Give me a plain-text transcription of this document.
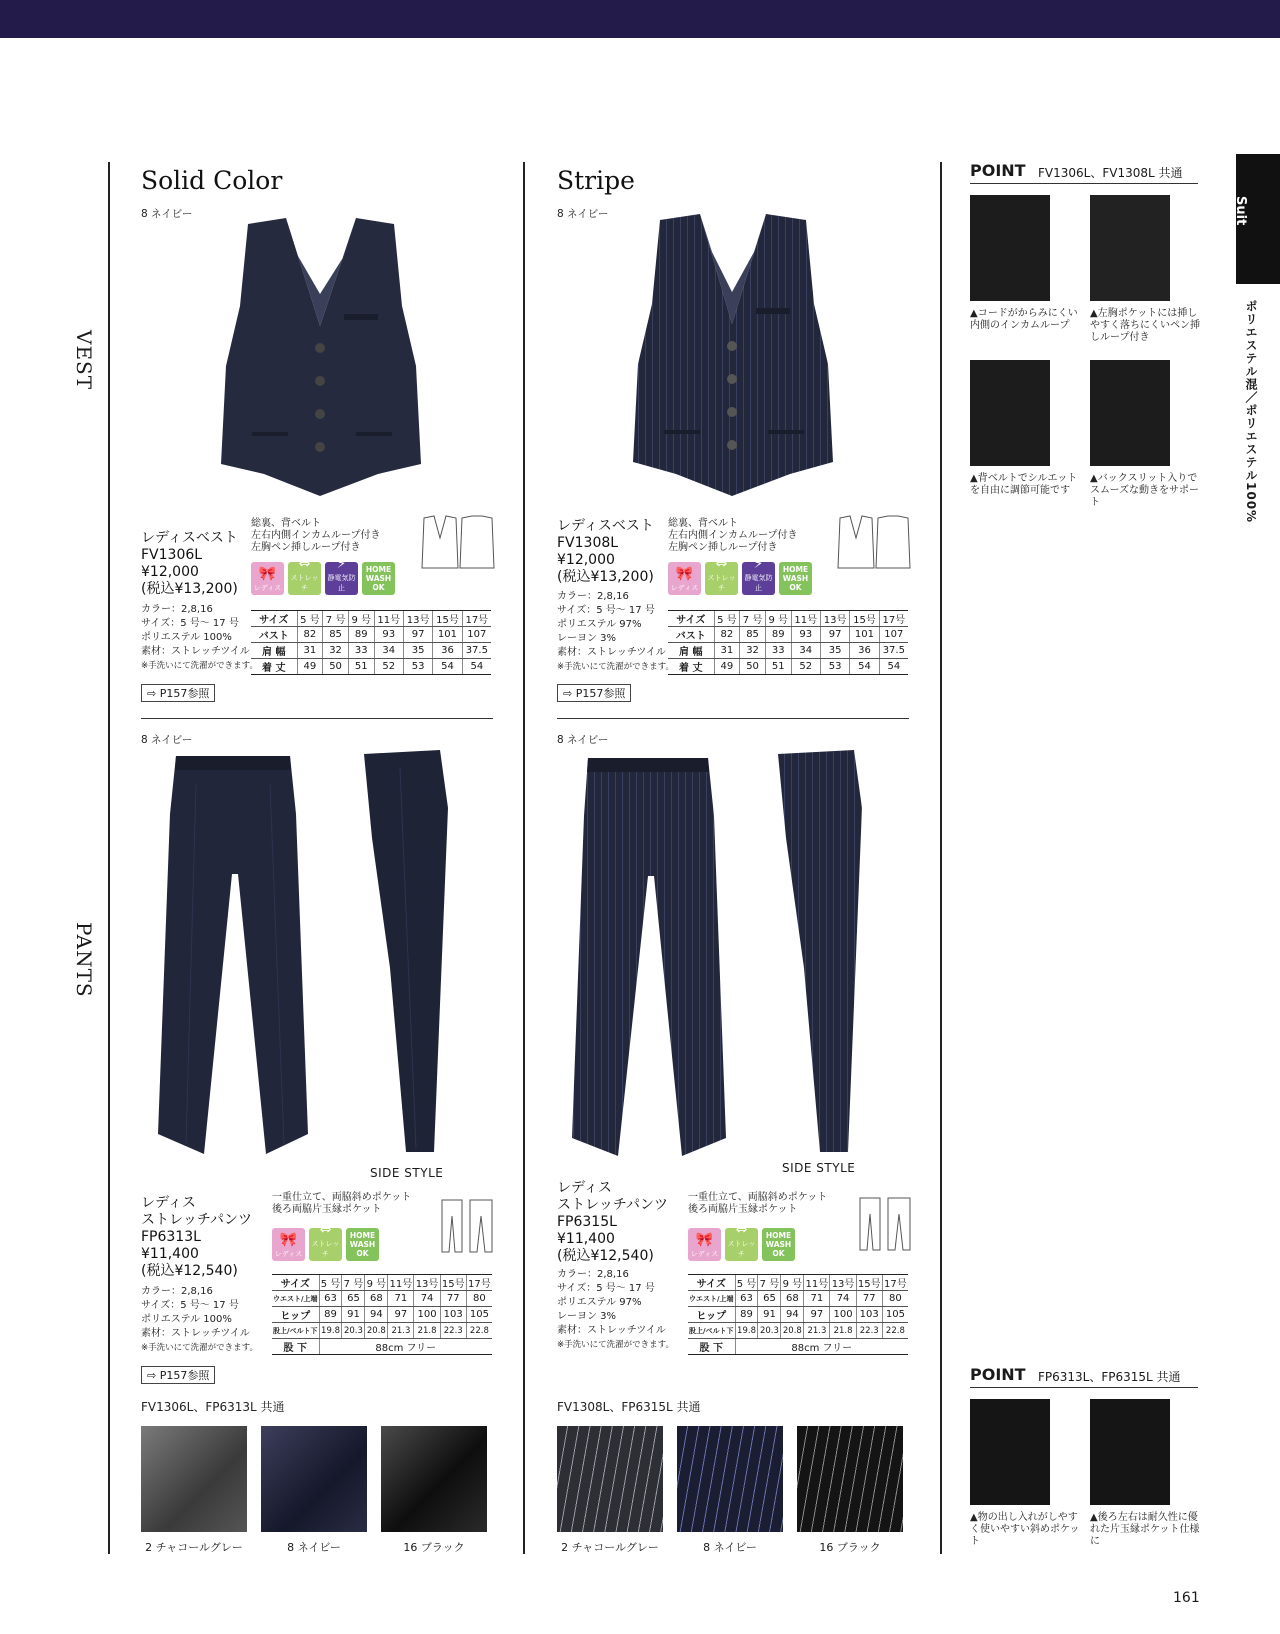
VEST
PANTS
Solid Color	Stripe
8 ネイビー	8 ネイビー
レディスベスト
FV1306L
¥12,000
(税込¥13,200)
カラー：2,8,16
サイズ：5 号〜 17 号
ポリエステル 100%
素材：ストレッチツイル
※手洗いにて洗濯ができます。
⇨ P157参照
総裏、背ベルト
左右内側インカムループ付き
左胸ペン挿しループ付き
🎀
レディス
⇔
ストレッチ
⚡
静電気防止
HOME
WASH
OK
サイズ	5 号	7 号	9 号	11号	13号	15号	17号
バスト	82	85	89	93	97	101	107
肩 幅	31	32	33	34	35	36	37.5
着 丈	49	50	51	52	53	54	54
レディスベスト
FV1308L
¥12,000
(税込¥13,200)
カラー：2,8,16
サイズ：5 号〜 17 号
ポリエステル 97%
レーヨン 3%
素材：ストレッチツイル
※手洗いにて洗濯ができます。
⇨ P157参照
総裏、背ベルト
左右内側インカムループ付き
左胸ペン挿しループ付き
🎀
レディス
⇔
ストレッチ
⚡
静電気防止
HOME
WASH
OK
サイズ	5 号	7 号	9 号	11号	13号	15号	17号
バスト	82	85	89	93	97	101	107
肩 幅	31	32	33	34	35	36	37.5
着 丈	49	50	51	52	53	54	54
8 ネイビー	8 ネイビー
SIDE STYLE	SIDE STYLE
レディス
ストレッチパンツ
FP6313L
¥11,400
(税込¥12,540)
カラー：2,8,16
サイズ：5 号〜 17 号
ポリエステル 100%
素材：ストレッチツイル
※手洗いにて洗濯ができます。
⇨ P157参照
一重仕立て、両脇斜めポケット
後ろ両脇片玉縁ポケット
🎀
レディス
⇔
ストレッチ
HOME
WASH
OK
サイズ	5 号	7 号	9 号	11号	13号	15号	17号
ウエスト/上端	63	65	68	71	74	77	80
ヒップ	89	91	94	97	100	103	105
股上/ベルト下	19.8	20.3	20.8	21.3	21.8	22.3	22.8
股 下	88cm フリー						
レディス
ストレッチパンツ
FP6315L
¥11,400
(税込¥12,540)
カラー：2,8,16
サイズ：5 号〜 17 号
ポリエステル 97%
レーヨン 3%
素材：ストレッチツイル
※手洗いにて洗濯ができます。
一重仕立て、両脇斜めポケット
後ろ両脇片玉縁ポケット
🎀
レディス
⇔
ストレッチ
HOME
WASH
OK
サイズ	5 号	7 号	9 号	11号	13号	15号	17号
ウエスト/上端	63	65	68	71	74	77	80
ヒップ	89	91	94	97	100	103	105
股上/ベルト下	19.8	20.3	20.8	21.3	21.8	22.3	22.8
股 下	88cm フリー						
FV1306L、FP6313L 共通	FV1308L、FP6315L 共通
2 チャコールグレー	8 ネイビー	16 ブラック	2 チャコールグレー	8 ネイビー	16 ブラック
POINT FV1306L、FV1308L 共通
▲コードがからみにくい内側のインカムループ
▲左胸ポケットには挿しやすく落ちにくいペン挿しループ付き
▲背ベルトでシルエットを自由に調節可能です
▲バックスリット入りでスムーズな動きをサポート
POINT FP6313L、FP6315L 共通
▲物の出し入れがしやすく使いやすい斜めポケット
▲後ろ左右は耐久性に優れた片玉縁ポケット仕様に
Suit
ポリエステル混／ポリエステル100%
161
